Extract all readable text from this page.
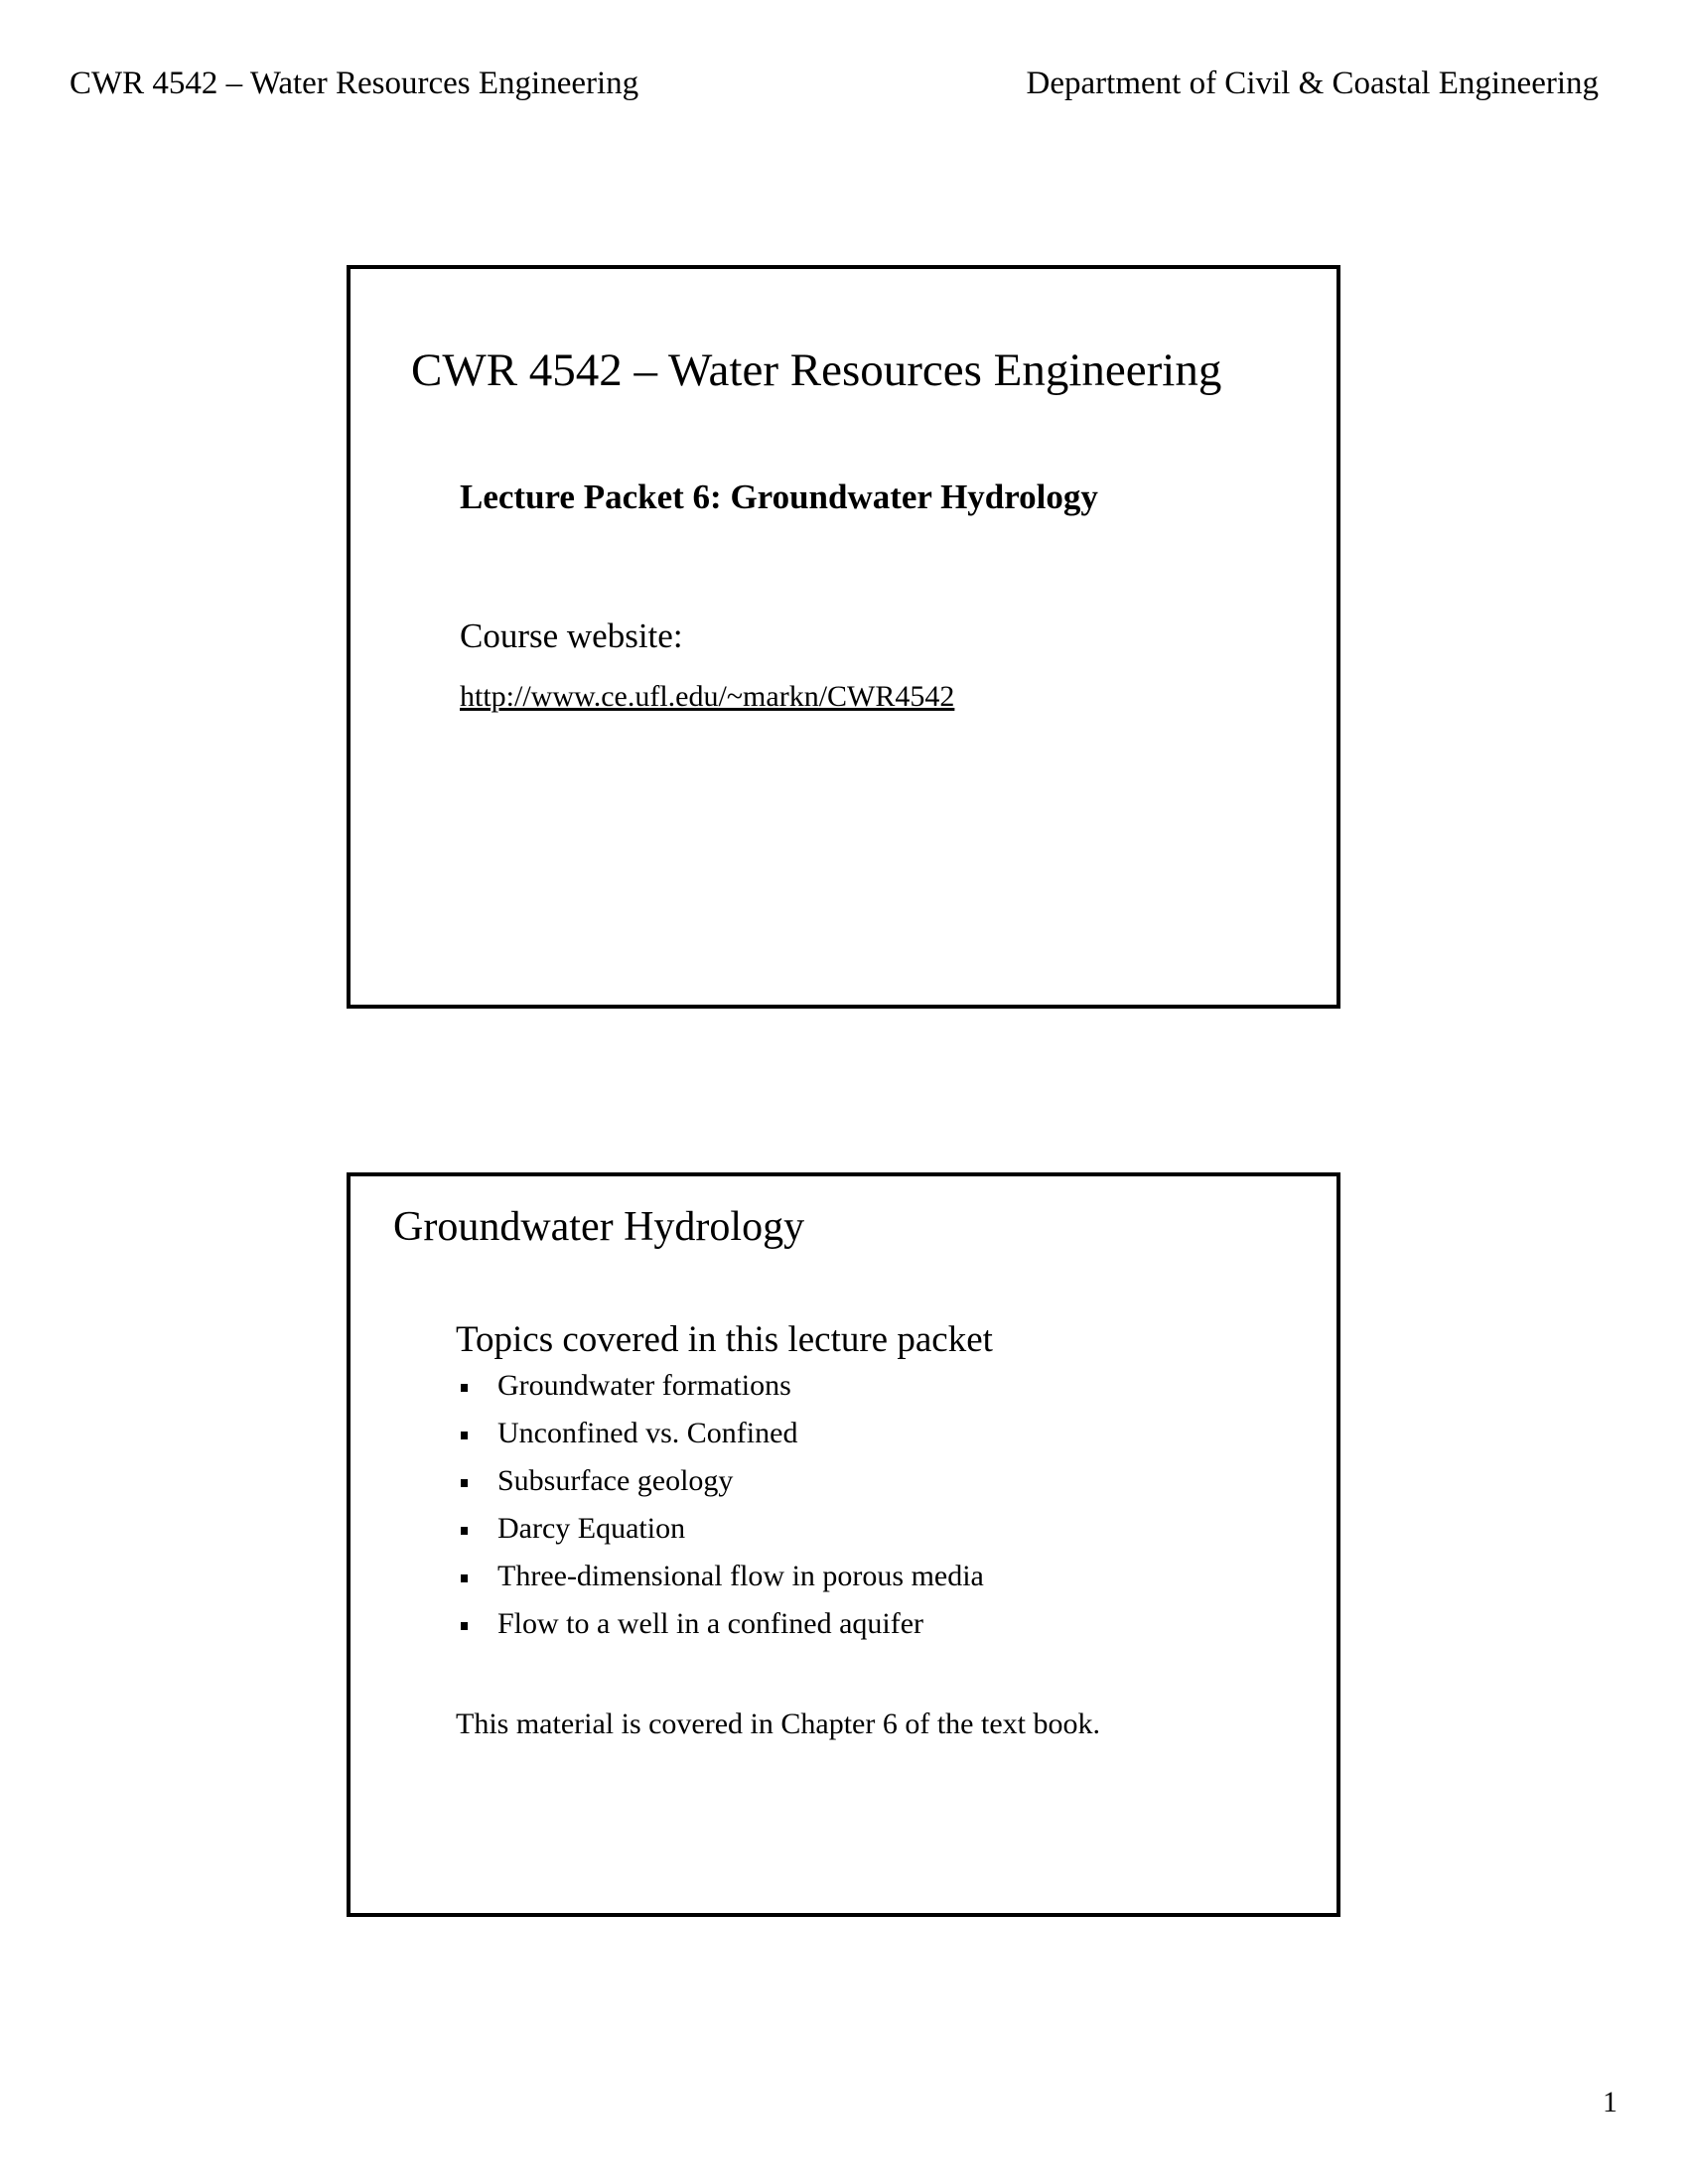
CWR 4542 – Water Resources Engineering	Department of Civil & Coastal Engineering
CWR 4542 – Water Resources Engineering
Lecture Packet 6: Groundwater Hydrology
Course website:
http://www.ce.ufl.edu/~markn/CWR4542
Groundwater Hydrology
Topics covered in this lecture packet
Groundwater formations
Unconfined vs. Confined
Subsurface geology
Darcy Equation
Three-dimensional flow in porous media
Flow to a well in a confined aquifer
This material is covered in Chapter 6 of the text book.
1
